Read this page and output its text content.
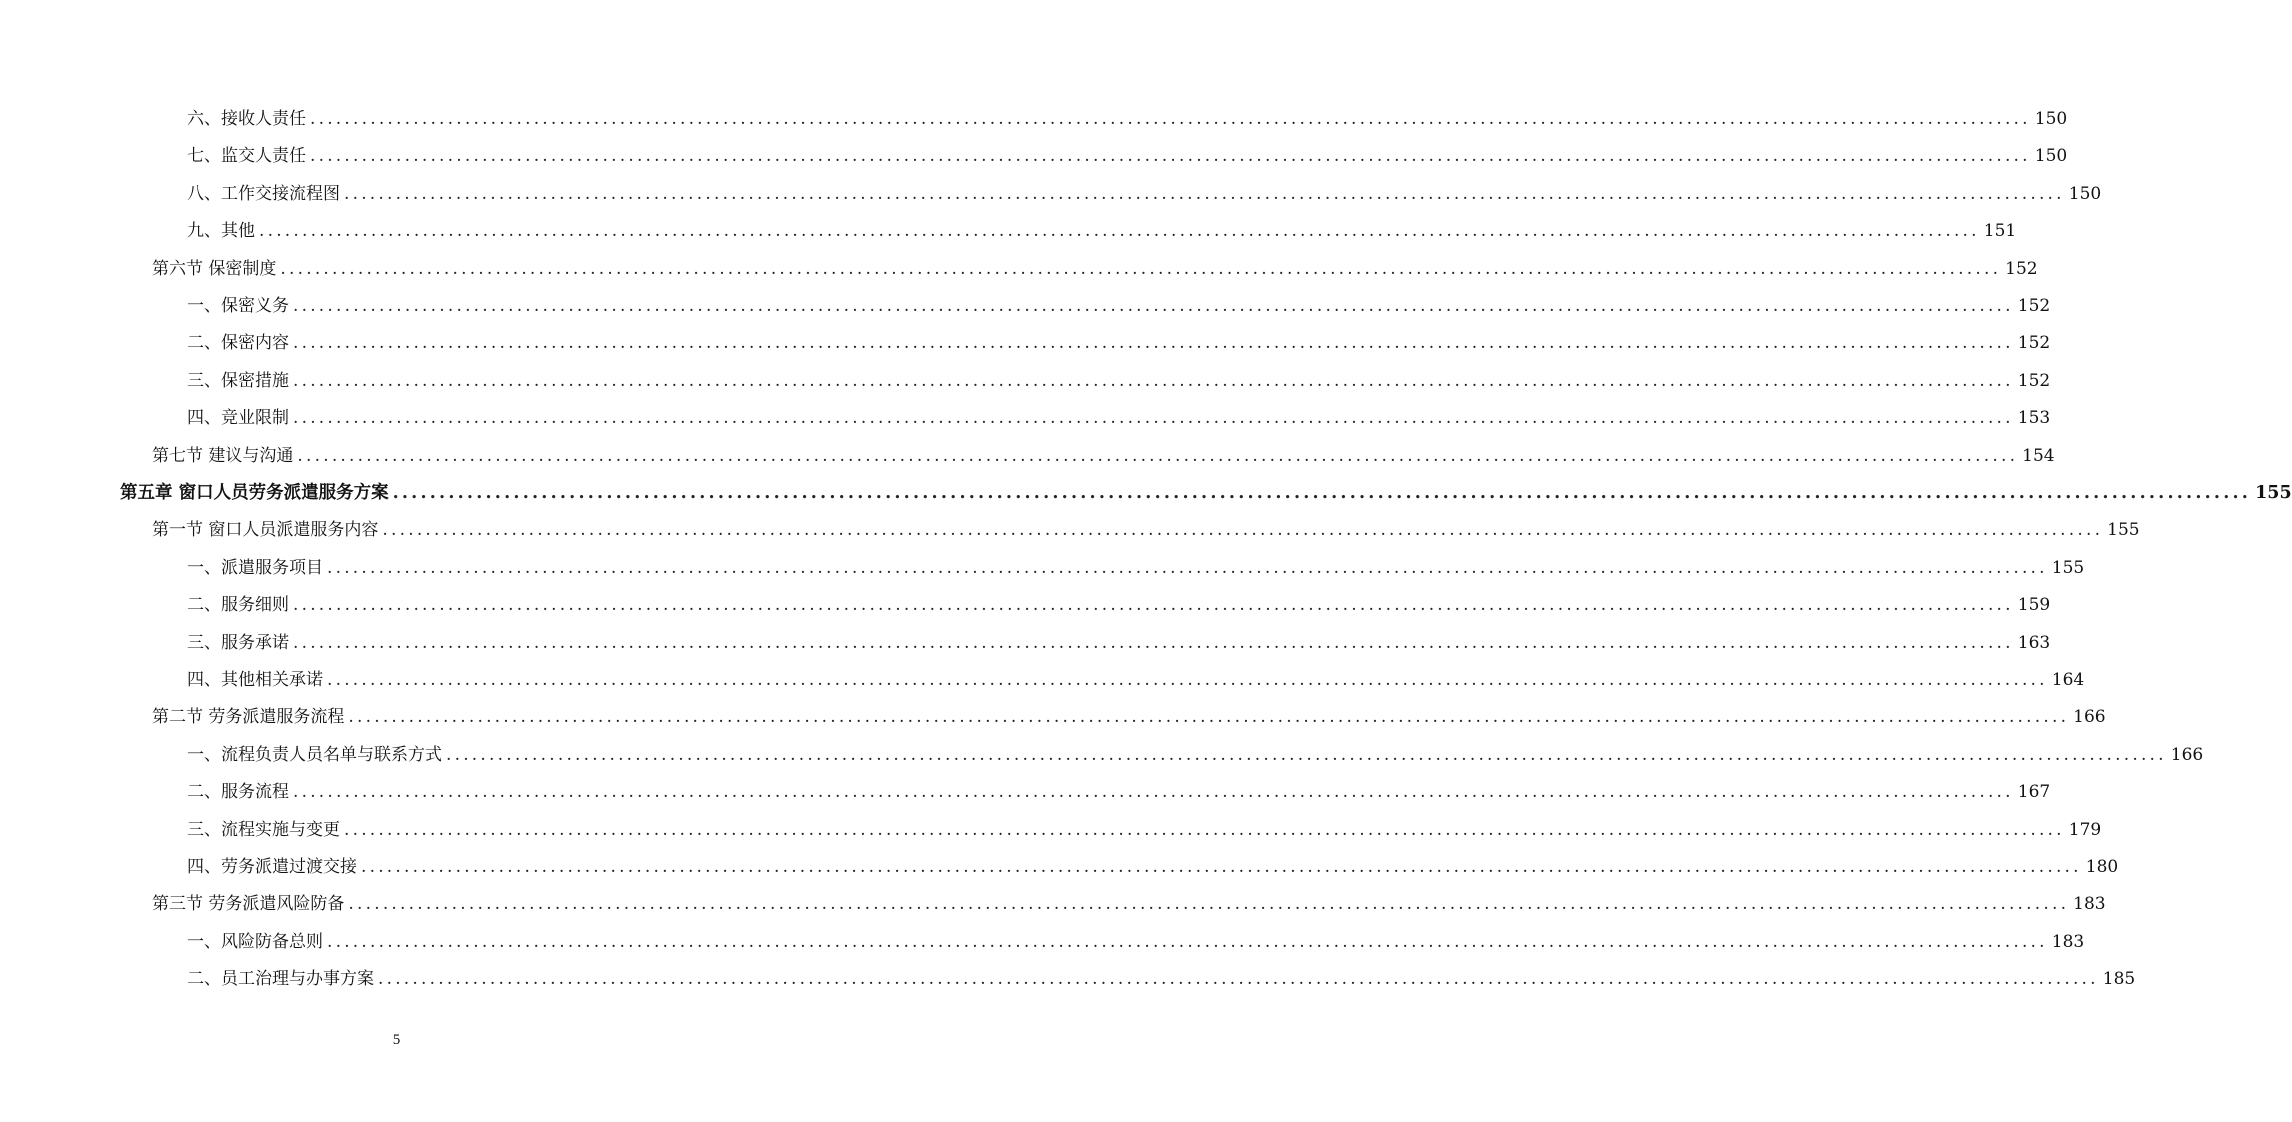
六、接收人责任 ........................................................................................................................................................................................................ 150
七、监交人责任 ........................................................................................................................................................................................................ 150
八、工作交接流程图 ........................................................................................................................................................................................................ 150
九、其他 ........................................................................................................................................................................................................ 151
第六节 保密制度 ........................................................................................................................................................................................................ 152
一、保密义务 ........................................................................................................................................................................................................ 152
二、保密内容 ........................................................................................................................................................................................................ 152
三、保密措施 ........................................................................................................................................................................................................ 152
四、竞业限制 ........................................................................................................................................................................................................ 153
第七节 建议与沟通 ........................................................................................................................................................................................................ 154
第五章 窗口人员劳务派遣服务方案 ........................................................................................................................................................................................................ 155
第一节 窗口人员派遣服务内容 ........................................................................................................................................................................................................ 155
一、派遣服务项目 ........................................................................................................................................................................................................ 155
二、服务细则 ........................................................................................................................................................................................................ 159
三、服务承诺 ........................................................................................................................................................................................................ 163
四、其他相关承诺 ........................................................................................................................................................................................................ 164
第二节 劳务派遣服务流程 ........................................................................................................................................................................................................ 166
一、流程负责人员名单与联系方式 ........................................................................................................................................................................................................ 166
二、服务流程 ........................................................................................................................................................................................................ 167
三、流程实施与变更 ........................................................................................................................................................................................................ 179
四、劳务派遣过渡交接 ........................................................................................................................................................................................................ 180
第三节 劳务派遣风险防备 ........................................................................................................................................................................................................ 183
一、风险防备总则 ........................................................................................................................................................................................................ 183
二、员工治理与办事方案 ........................................................................................................................................................................................................ 185
5
